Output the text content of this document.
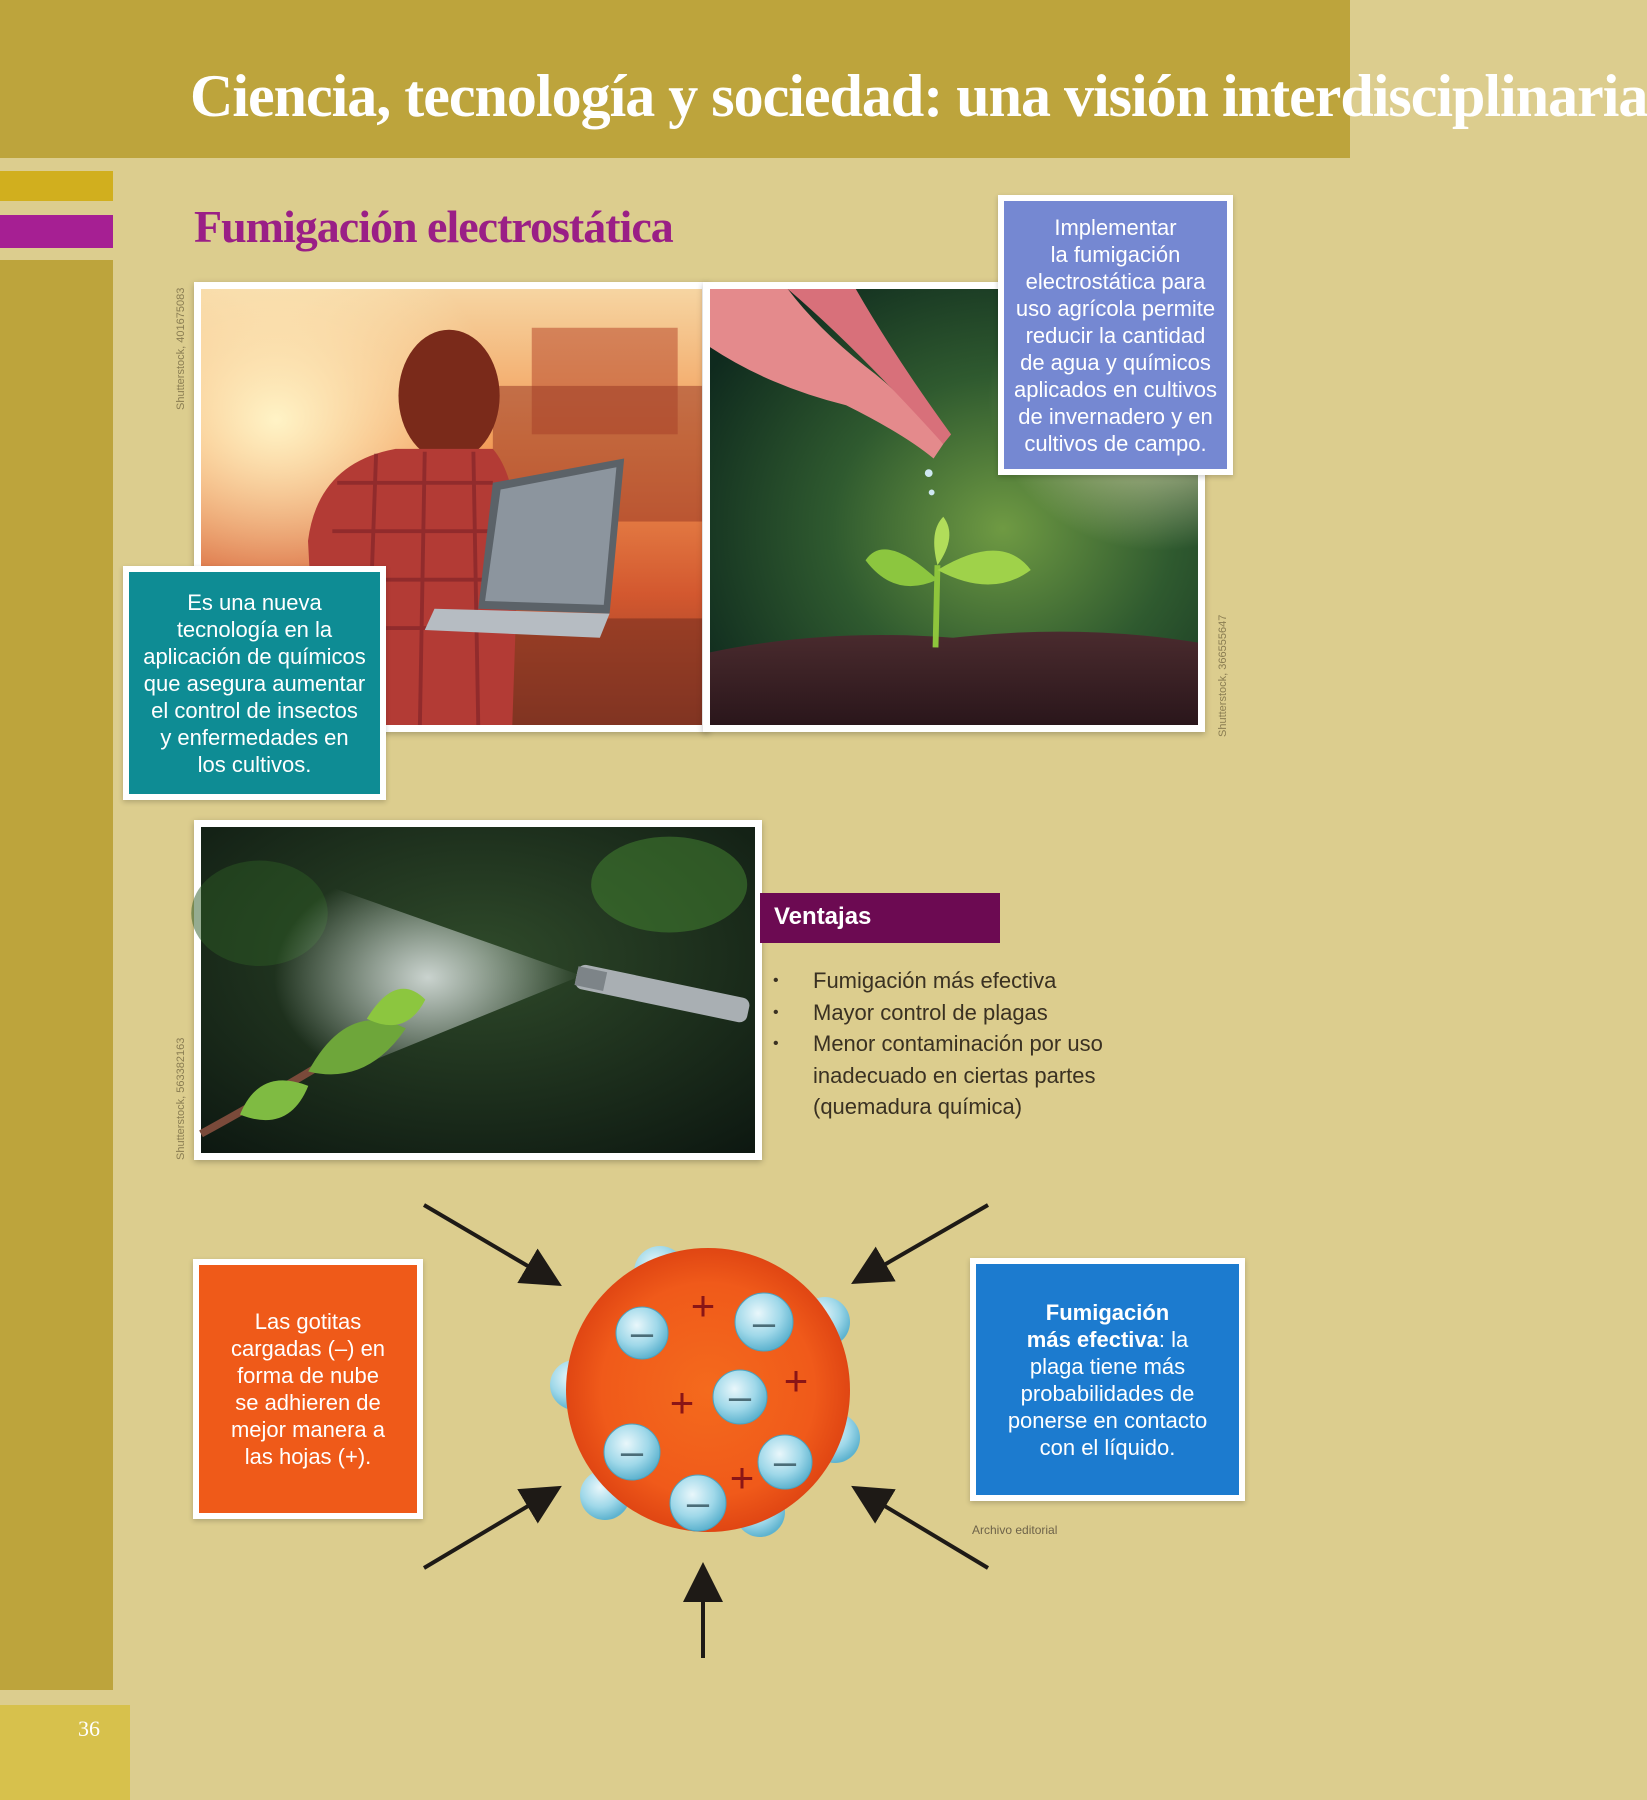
Ciencia, tecnología y sociedad: una visión interdisciplinaria
36
Fumigación electrostática
Shutterstock, 401675083
Shutterstock, 366555647
Shutterstock, 563382163
Implementar
la fumigación
electrostática para
uso agrícola permite
reducir la cantidad
de agua y químicos
aplicados en cultivos
de invernadero y en
cultivos de campo.
Es una nueva
tecnología en la
aplicación de químicos
que asegura aumentar
el control de insectos
y enfermedades en
los cultivos.
Ventajas
• Fumigación más efectiva
• Mayor control de plagas
• Menor contaminación por uso inadecuado en ciertas partes (quemadura química)
Las gotitas
cargadas (–) en
forma de nube
se adhieren de
mejor manera a
las hojas (+).
Fumigación
más efectiva: la
plaga tiene más
probabilidades de
ponerse en contacto
con el líquido.
Archivo editorial
– –
–
–	–
–
+
+
+
+
